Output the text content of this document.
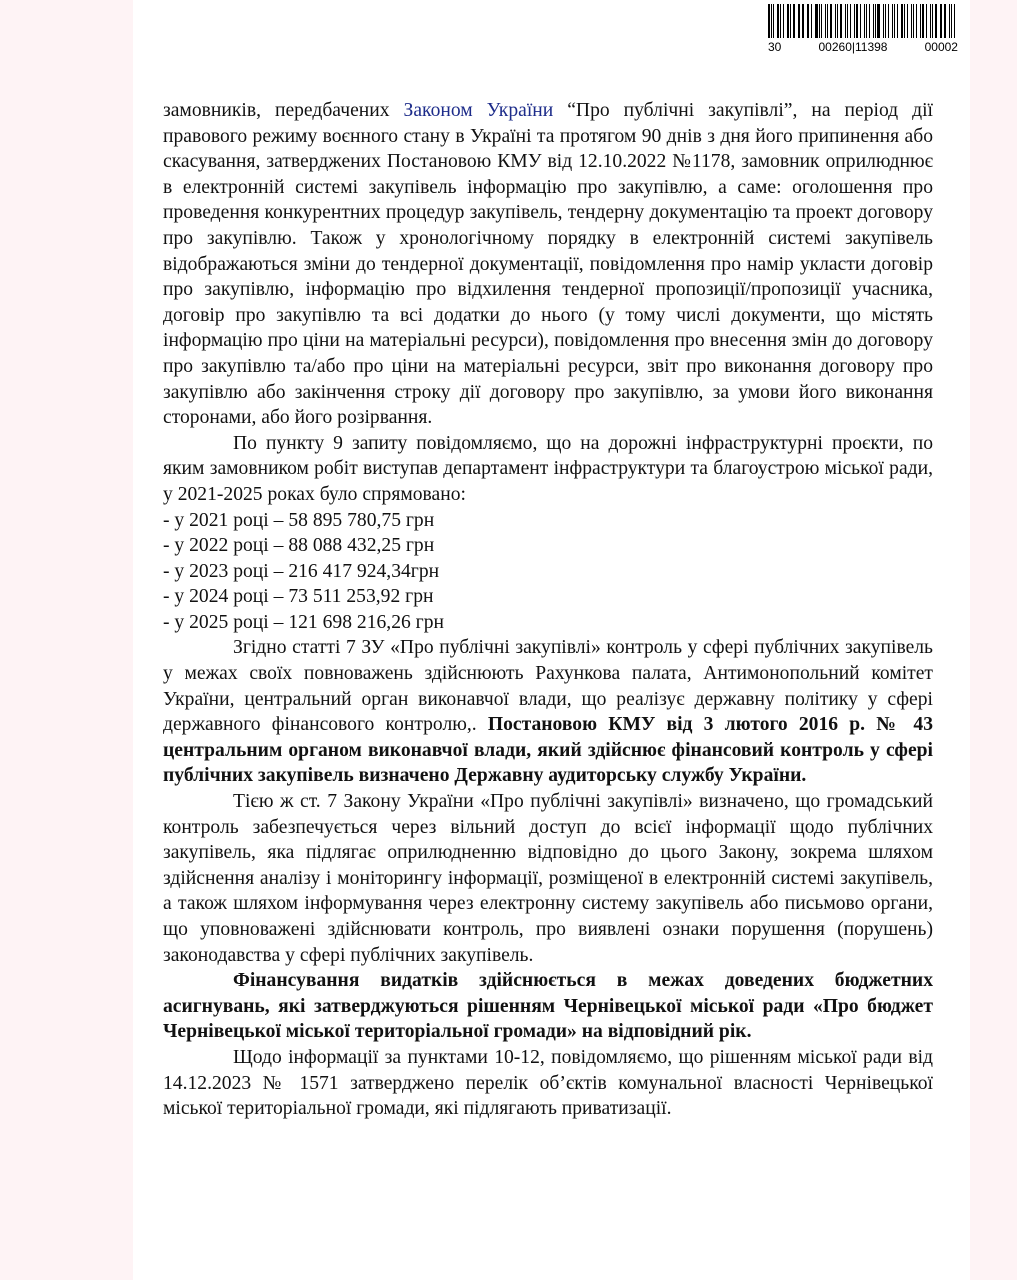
30	00260|11398	00002

замовників, передбачених Законом України “Про публічні закупівлі”, на період дії правового режиму воєнного стану в Україні та протягом 90 днів з дня його припинення або скасування, затверджених Постановою КМУ від 12.10.2022 №1178, замовник оприлюднює в електронній системі закупівель інформацію про закупівлю, а саме: оголошення про проведення конкурентних процедур закупівель, тендерну документацію та проект договору про закупівлю. Також у хронологічному порядку в електронній системі закупівель відображаються зміни до тендерної документації, повідомлення про намір укласти договір про закупівлю, інформацію про відхилення тендерної пропозиції/пропозиції учасника, договір про закупівлю та всі додатки до нього (у тому числі документи, що містять інформацію про ціни на матеріальні ресурси), повідомлення про внесення змін до договору про закупівлю та/або про ціни на матеріальні ресурси, звіт про виконання договору про закупівлю або закінчення строку дії договору про закупівлю, за умови його виконання сторонами, або його розірвання.

По пункту 9 запиту повідомляємо, що на дорожні інфраструктурні проєкти, по яким замовником робіт виступав департамент інфраструктури та благоустрою міської ради, у 2021-2025 роках було спрямовано:

- у 2021 році – 58 895 780,75 грн

- у 2022 році – 88 088 432,25 грн

- у 2023 році – 216 417 924,34грн

- у 2024 році – 73 511 253,92 грн

- у 2025 році – 121 698 216,26 грн

Згідно статті 7 ЗУ «Про публічні закупівлі» контроль у сфері публічних закупівель у межах своїх повноважень здійснюють Рахункова палата, Антимонопольний комітет України, центральний орган виконавчої влади, що реалізує державну політику у сфері державного фінансового контролю,. Постановою КМУ від 3 лютого 2016 р. № 43 центральним органом виконавчої влади, який здійснює фінансовий контроль у сфері публічних закупівель визначено Державну аудиторську службу України.

Тією ж ст. 7 Закону України «Про публічні закупівлі» визначено, що громадський контроль забезпечується через вільний доступ до всієї інформації щодо публічних закупівель, яка підлягає оприлюдненню відповідно до цього Закону, зокрема шляхом здійснення аналізу і моніторингу інформації, розміщеної в електронній системі закупівель, а також шляхом інформування через електронну систему закупівель або письмово органи, що уповноважені здійснювати контроль, про виявлені ознаки порушення (порушень) законодавства у сфері публічних закупівель.

Фінансування видатків здійснюється в межах доведених бюджетних асигнувань, які затверджуються рішенням Чернівецької міської ради «Про бюджет Чернівецької міської територіальної громади» на відповідний рік.

Щодо інформації за пунктами 10-12, повідомляємо, що рішенням міської ради від 14.12.2023 № 1571 затверджено перелік об’єктів комунальної власності Чернівецької міської територіальної громади, які підлягають приватизації.
